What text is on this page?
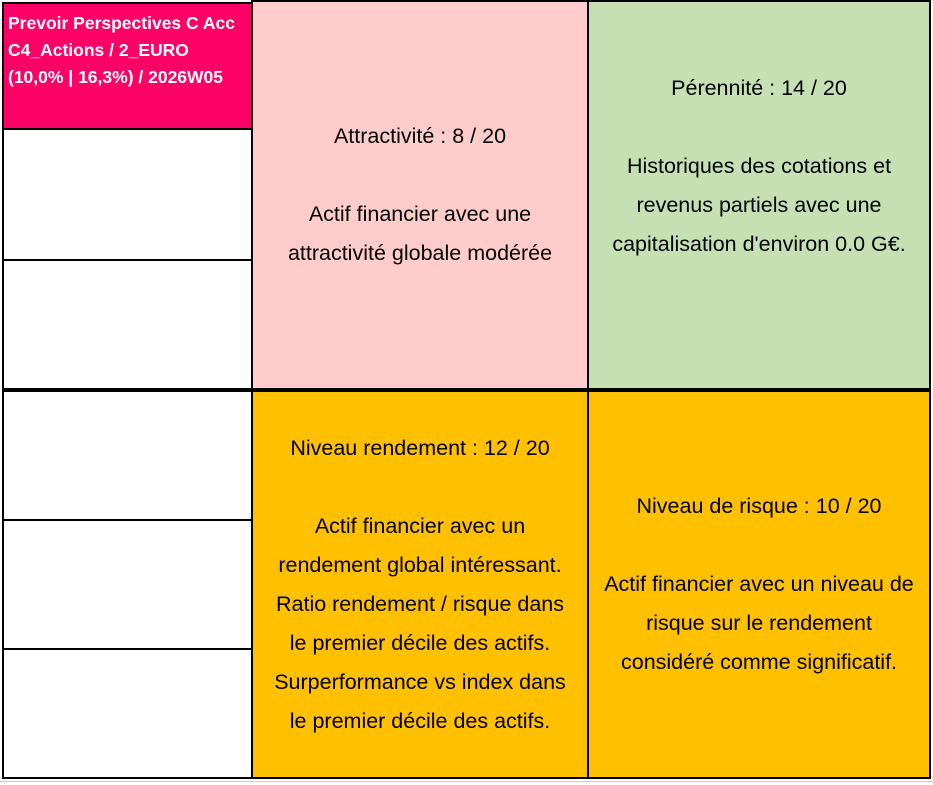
Prevoir Perspectives C Acc
C4_Actions / 2_EURO
(10,0% | 16,3%) / 2026W05

Attractivité : 8 / 20

Actif financier avec une

attractivité globale modérée

Pérennité : 14 / 20

Historiques des cotations et

revenus partiels avec une

capitalisation d'environ 0.0 G€.

Niveau rendement : 12 / 20

Actif financier avec un

rendement global intéressant.

Ratio rendement / risque dans

le premier décile des actifs.

Surperformance vs index dans

le premier décile des actifs.

Niveau de risque : 10 / 20

Actif financier avec un niveau de

risque sur le rendement

considéré comme significatif.
